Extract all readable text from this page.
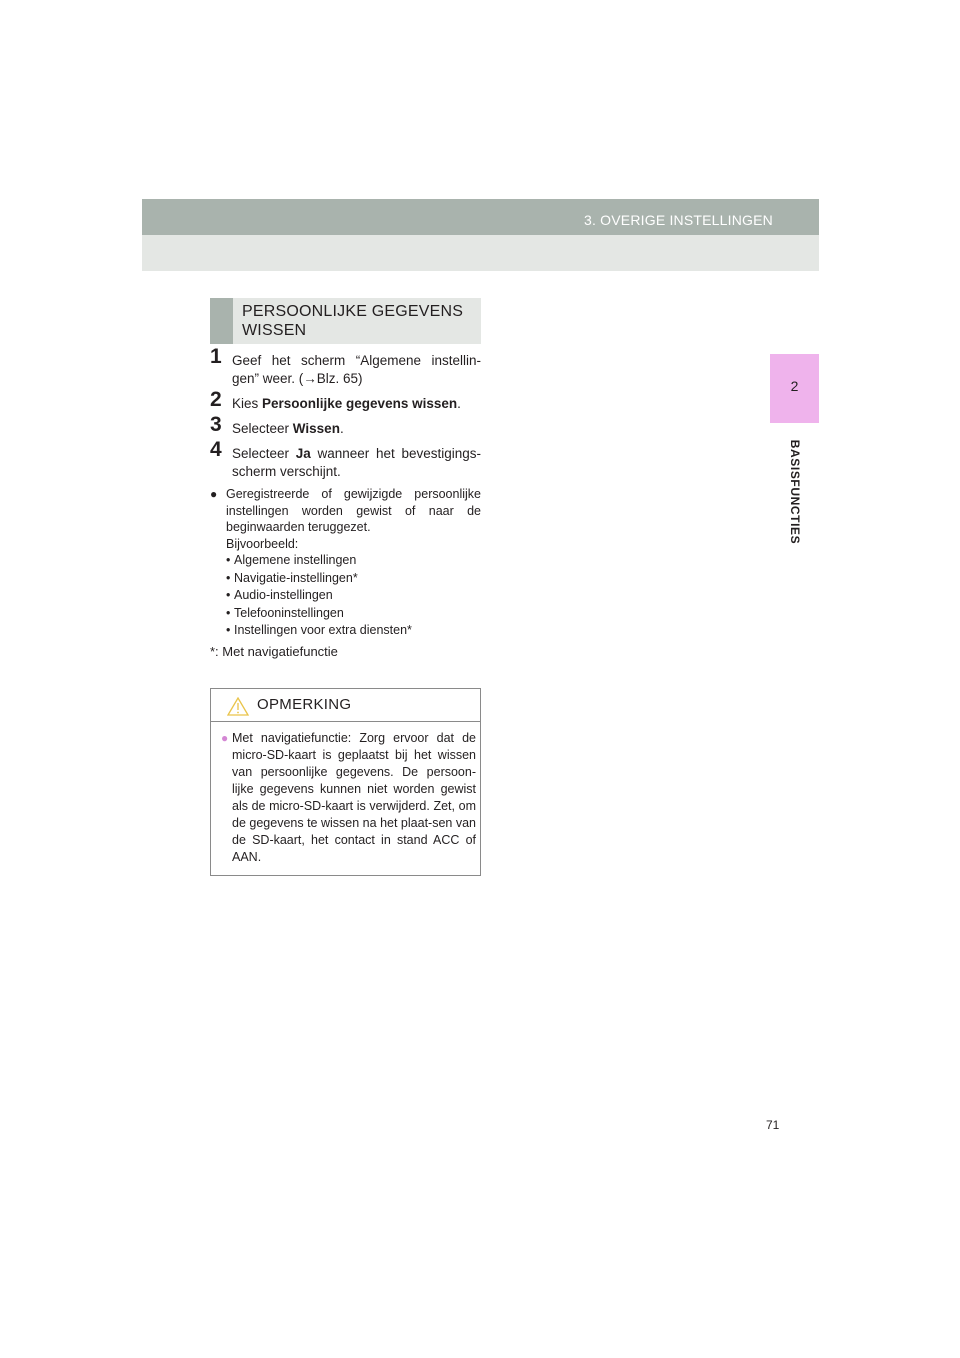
3. OVERIGE INSTELLINGEN
2
BASISFUNCTIES
PERSOONLIJKE GEGEVENS WISSEN
1 Geef het scherm “Algemene instellin-gen” weer. (→Blz. 65)
2 Kies Persoonlijke gegevens wissen.
3 Selecteer Wissen.
4 Selecteer Ja wanneer het bevestigings-scherm verschijnt.
● Geregistreerde of gewijzigde persoonlijke instellingen worden gewist of naar de beginwaarden teruggezet.
Bijvoorbeeld:
• Algemene instellingen
• Navigatie-instellingen*
• Audio-instellingen
• Telefooninstellingen
• Instellingen voor extra diensten*
*: Met navigatiefunctie
OPMERKING
● Met navigatiefunctie: Zorg ervoor dat de micro-SD-kaart is geplaatst bij het wissen van persoonlijke gegevens. De persoon-lijke gegevens kunnen niet worden gewist als de micro-SD-kaart is verwijderd. Zet, om de gegevens te wissen na het plaat-sen van de SD-kaart, het contact in stand ACC of AAN.
71
